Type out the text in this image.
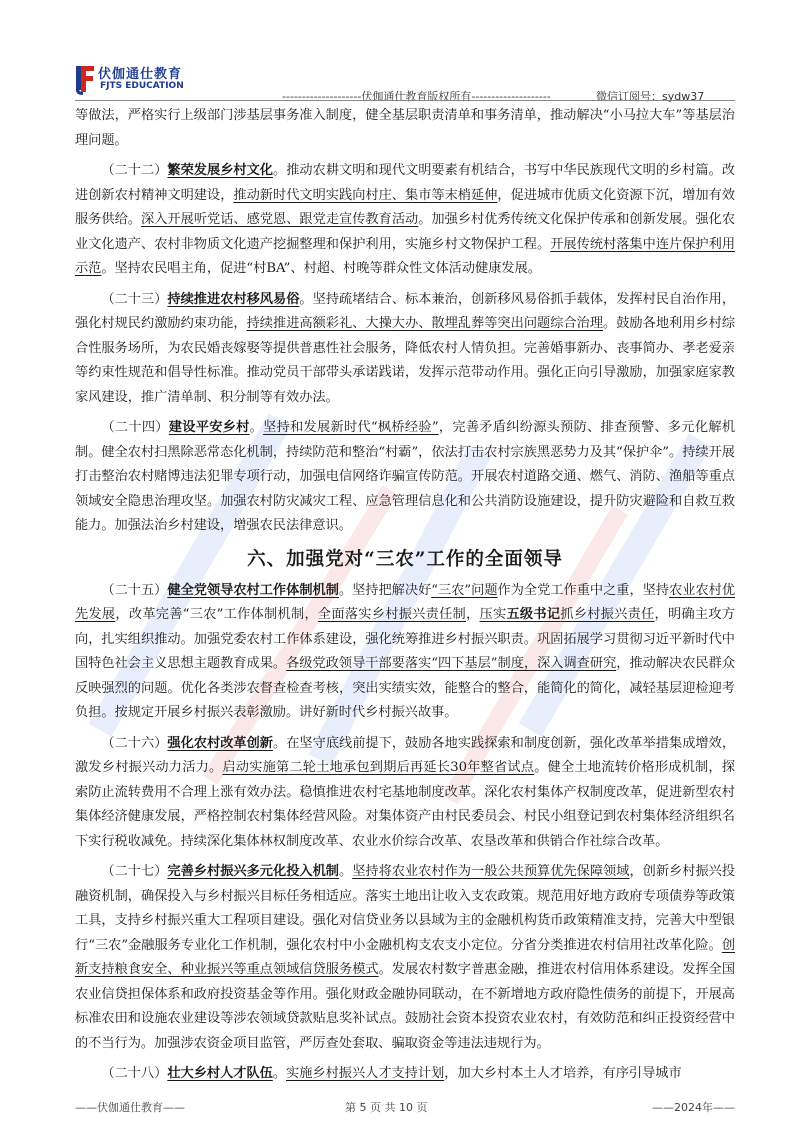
伏伽通仕教育
FJTS EDUCATION
--------------------伏伽通仕教育版权所有--------------------	微信订阅号：sydw37

等做法，严格实行上级部门涉基层事务准入制度，健全基层职责清单和事务清单，推动解决“小马拉大车”等基层治理问题。

（二十二）繁荣发展乡村文化。推动农耕文明和现代文明要素有机结合，书写中华民族现代文明的乡村篇。改进创新农村精神文明建设，推动新时代文明实践向村庄、集市等末梢延伸，促进城市优质文化资源下沉，增加有效服务供给。深入开展听党话、感党恩、跟党走宣传教育活动。加强乡村优秀传统文化保护传承和创新发展。强化农业文化遗产、农村非物质文化遗产挖掘整理和保护利用，实施乡村文物保护工程。开展传统村落集中连片保护利用示范。坚持农民唱主角，促进“村BA”、村超、村晚等群众性文体活动健康发展。

（二十三）持续推进农村移风易俗。坚持疏堵结合、标本兼治，创新移风易俗抓手载体，发挥村民自治作用，强化村规民约激励约束功能，持续推进高额彩礼、大操大办、散埋乱葬等突出问题综合治理。鼓励各地利用乡村综合性服务场所，为农民婚丧嫁娶等提供普惠性社会服务，降低农村人情负担。完善婚事新办、丧事简办、孝老爱亲等约束性规范和倡导性标准。推动党员干部带头承诺践诺，发挥示范带动作用。强化正向引导激励，加强家庭家教家风建设，推广清单制、积分制等有效办法。

（二十四）建设平安乡村。坚持和发展新时代“枫桥经验”，完善矛盾纠纷源头预防、排查预警、多元化解机制。健全农村扫黑除恶常态化机制，持续防范和整治“村霸”，依法打击农村宗族黑恶势力及其“保护伞”。持续开展打击整治农村赌博违法犯罪专项行动，加强电信网络诈骗宣传防范。开展农村道路交通、燃气、消防、渔船等重点领域安全隐患治理攻坚。加强农村防灾减灾工程、应急管理信息化和公共消防设施建设，提升防灾避险和自救互救能力。加强法治乡村建设，增强农民法律意识。

六、加强党对“三农”工作的全面领导

（二十五）健全党领导农村工作体制机制。坚持把解决好“三农”问题作为全党工作重中之重，坚持农业农村优先发展，改革完善“三农”工作体制机制，全面落实乡村振兴责任制，压实五级书记抓乡村振兴责任，明确主攻方向，扎实组织推动。加强党委农村工作体系建设，强化统筹推进乡村振兴职责。巩固拓展学习贯彻习近平新时代中国特色社会主义思想主题教育成果。各级党政领导干部要落实“四下基层”制度，深入调查研究，推动解决农民群众反映强烈的问题。优化各类涉农督查检查考核，突出实绩实效，能整合的整合，能简化的简化，减轻基层迎检迎考负担。按规定开展乡村振兴表彰激励。讲好新时代乡村振兴故事。

（二十六）强化农村改革创新。在坚守底线前提下，鼓励各地实践探索和制度创新，强化改革举措集成增效，激发乡村振兴动力活力。启动实施第二轮土地承包到期后再延长30年整省试点。健全土地流转价格形成机制，探索防止流转费用不合理上涨有效办法。稳慎推进农村宅基地制度改革。深化农村集体产权制度改革，促进新型农村集体经济健康发展，严格控制农村集体经营风险。对集体资产由村民委员会、村民小组登记到农村集体经济组织名下实行税收减免。持续深化集体林权制度改革、农业水价综合改革、农垦改革和供销合作社综合改革。

（二十七）完善乡村振兴多元化投入机制。坚持将农业农村作为一般公共预算优先保障领域，创新乡村振兴投融资机制，确保投入与乡村振兴目标任务相适应。落实土地出让收入支农政策。规范用好地方政府专项债券等政策工具，支持乡村振兴重大工程项目建设。强化对信贷业务以县域为主的金融机构货币政策精准支持，完善大中型银行“三农”金融服务专业化工作机制，强化农村中小金融机构支农支小定位。分省分类推进农村信用社改革化险。创新支持粮食安全、种业振兴等重点领域信贷服务模式。发展农村数字普惠金融，推进农村信用体系建设。发挥全国农业信贷担保体系和政府投资基金等作用。强化财政金融协同联动，在不新增地方政府隐性债务的前提下，开展高标准农田和设施农业建设等涉农领域贷款贴息奖补试点。鼓励社会资本投资农业农村，有效防范和纠正投资经营中的不当行为。加强涉农资金项目监管，严厉查处套取、骗取资金等违法违规行为。

（二十八）壮大乡村人才队伍。实施乡村振兴人才支持计划，加大乡村本土人才培养，有序引导城市

——伏伽通仕教育——	第 5 页 共 10 页	——2024年——
